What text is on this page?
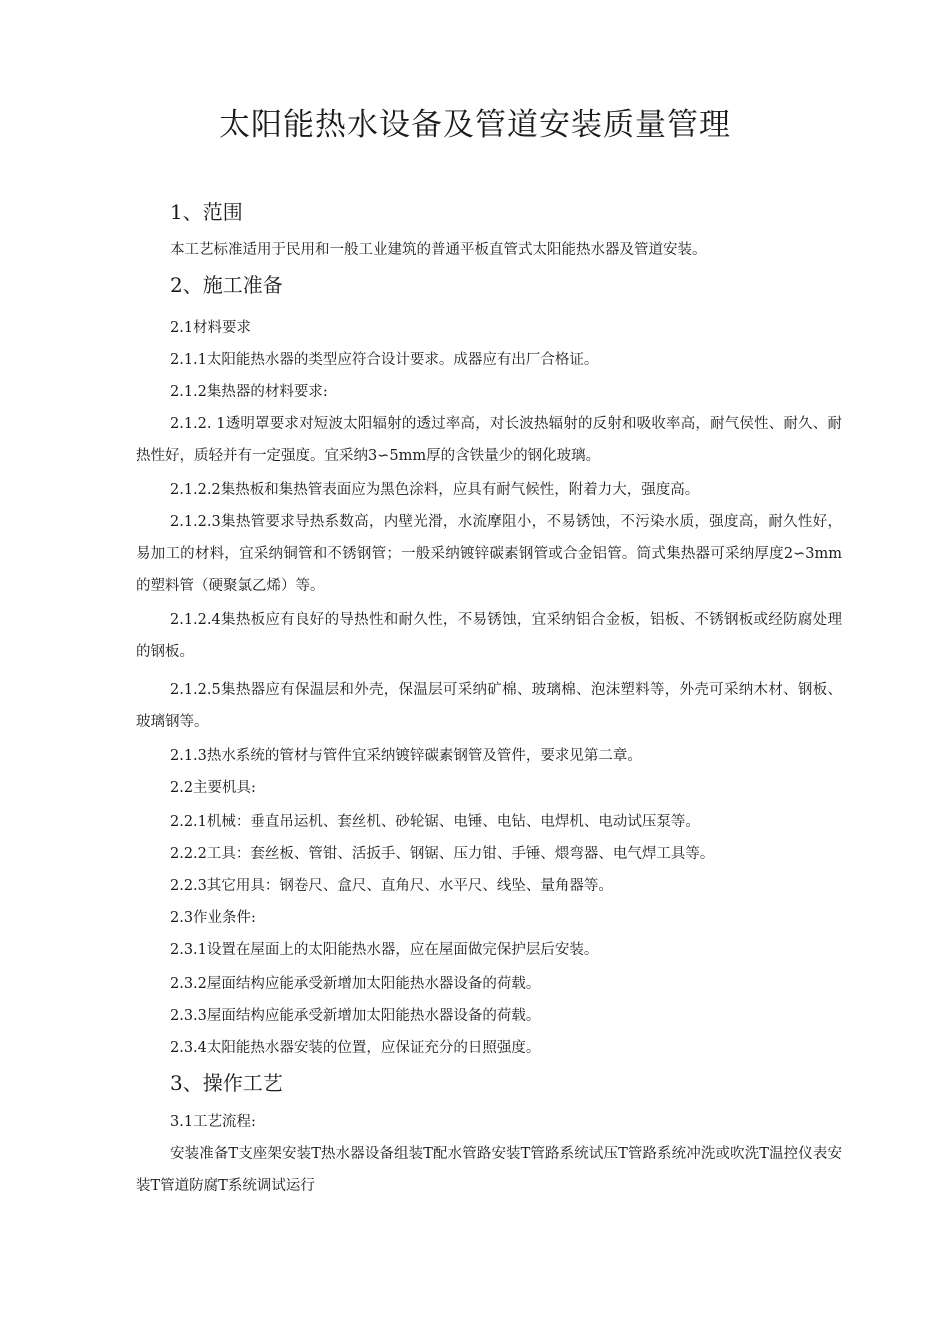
太阳能热水设备及管道安装质量管理
1、范围
本工艺标准适用于民用和一般工业建筑的普通平板直管式太阳能热水器及管道安装。
2、施工准备
2.1材料要求
2.1.1太阳能热水器的类型应符合设计要求。成器应有出厂合格证。
2.1.2集热器的材料要求:
2.1.2. 1透明罩要求对短波太阳辐射的透过率高，对长波热辐射的反射和吸收率高，耐气侯性、耐久、耐热性好，质轻并有一定强度。宜采纳3∽5mm厚的含铁量少的钢化玻璃。
2.1.2.2集热板和集热管表面应为黑色涂料，应具有耐气候性，附着力大，强度高。
2.1.2.3集热管要求导热系数高，内壁光滑，水流摩阻小，不易锈蚀，不污染水质，强度高，耐久性好，易加工的材料，宜采纳铜管和不锈钢管；一般采纳镀锌碳素钢管或合金铝管。筒式集热器可采纳厚度2∽3mm的塑料管（硬聚氯乙烯）等。
2.1.2.4集热板应有良好的导热性和耐久性，不易锈蚀，宜采纳铝合金板，铝板、不锈钢板或经防腐处理的钢板。
2.1.2.5集热器应有保温层和外壳，保温层可采纳矿棉、玻璃棉、泡沫塑料等，外壳可采纳木材、钢板、玻璃钢等。
2.1.3热水系统的管材与管件宜采纳镀锌碳素钢管及管件，要求见第二章。
2.2主要机具:
2.2.1机械：垂直吊运机、套丝机、砂轮锯、电锤、电钻、电焊机、电动试压泵等。
2.2.2工具：套丝板、管钳、活扳手、钢锯、压力钳、手锤、煨弯器、电气焊工具等。
2.2.3其它用具：钢卷尺、盒尺、直角尺、水平尺、线坠、量角器等。
2.3作业条件:
2.3.1设置在屋面上的太阳能热水器，应在屋面做完保护层后安装。
2.3.2屋面结构应能承受新增加太阳能热水器设备的荷载。
2.3.3屋面结构应能承受新增加太阳能热水器设备的荷载。
2.3.4太阳能热水器安装的位置，应保证充分的日照强度。
3、操作工艺
3.1工艺流程:
安装准备T支座架安装T热水器设备组装T配水管路安装T管路系统试压T管路系统冲洗或吹洗T温控仪表安装T管道防腐T系统调试运行
